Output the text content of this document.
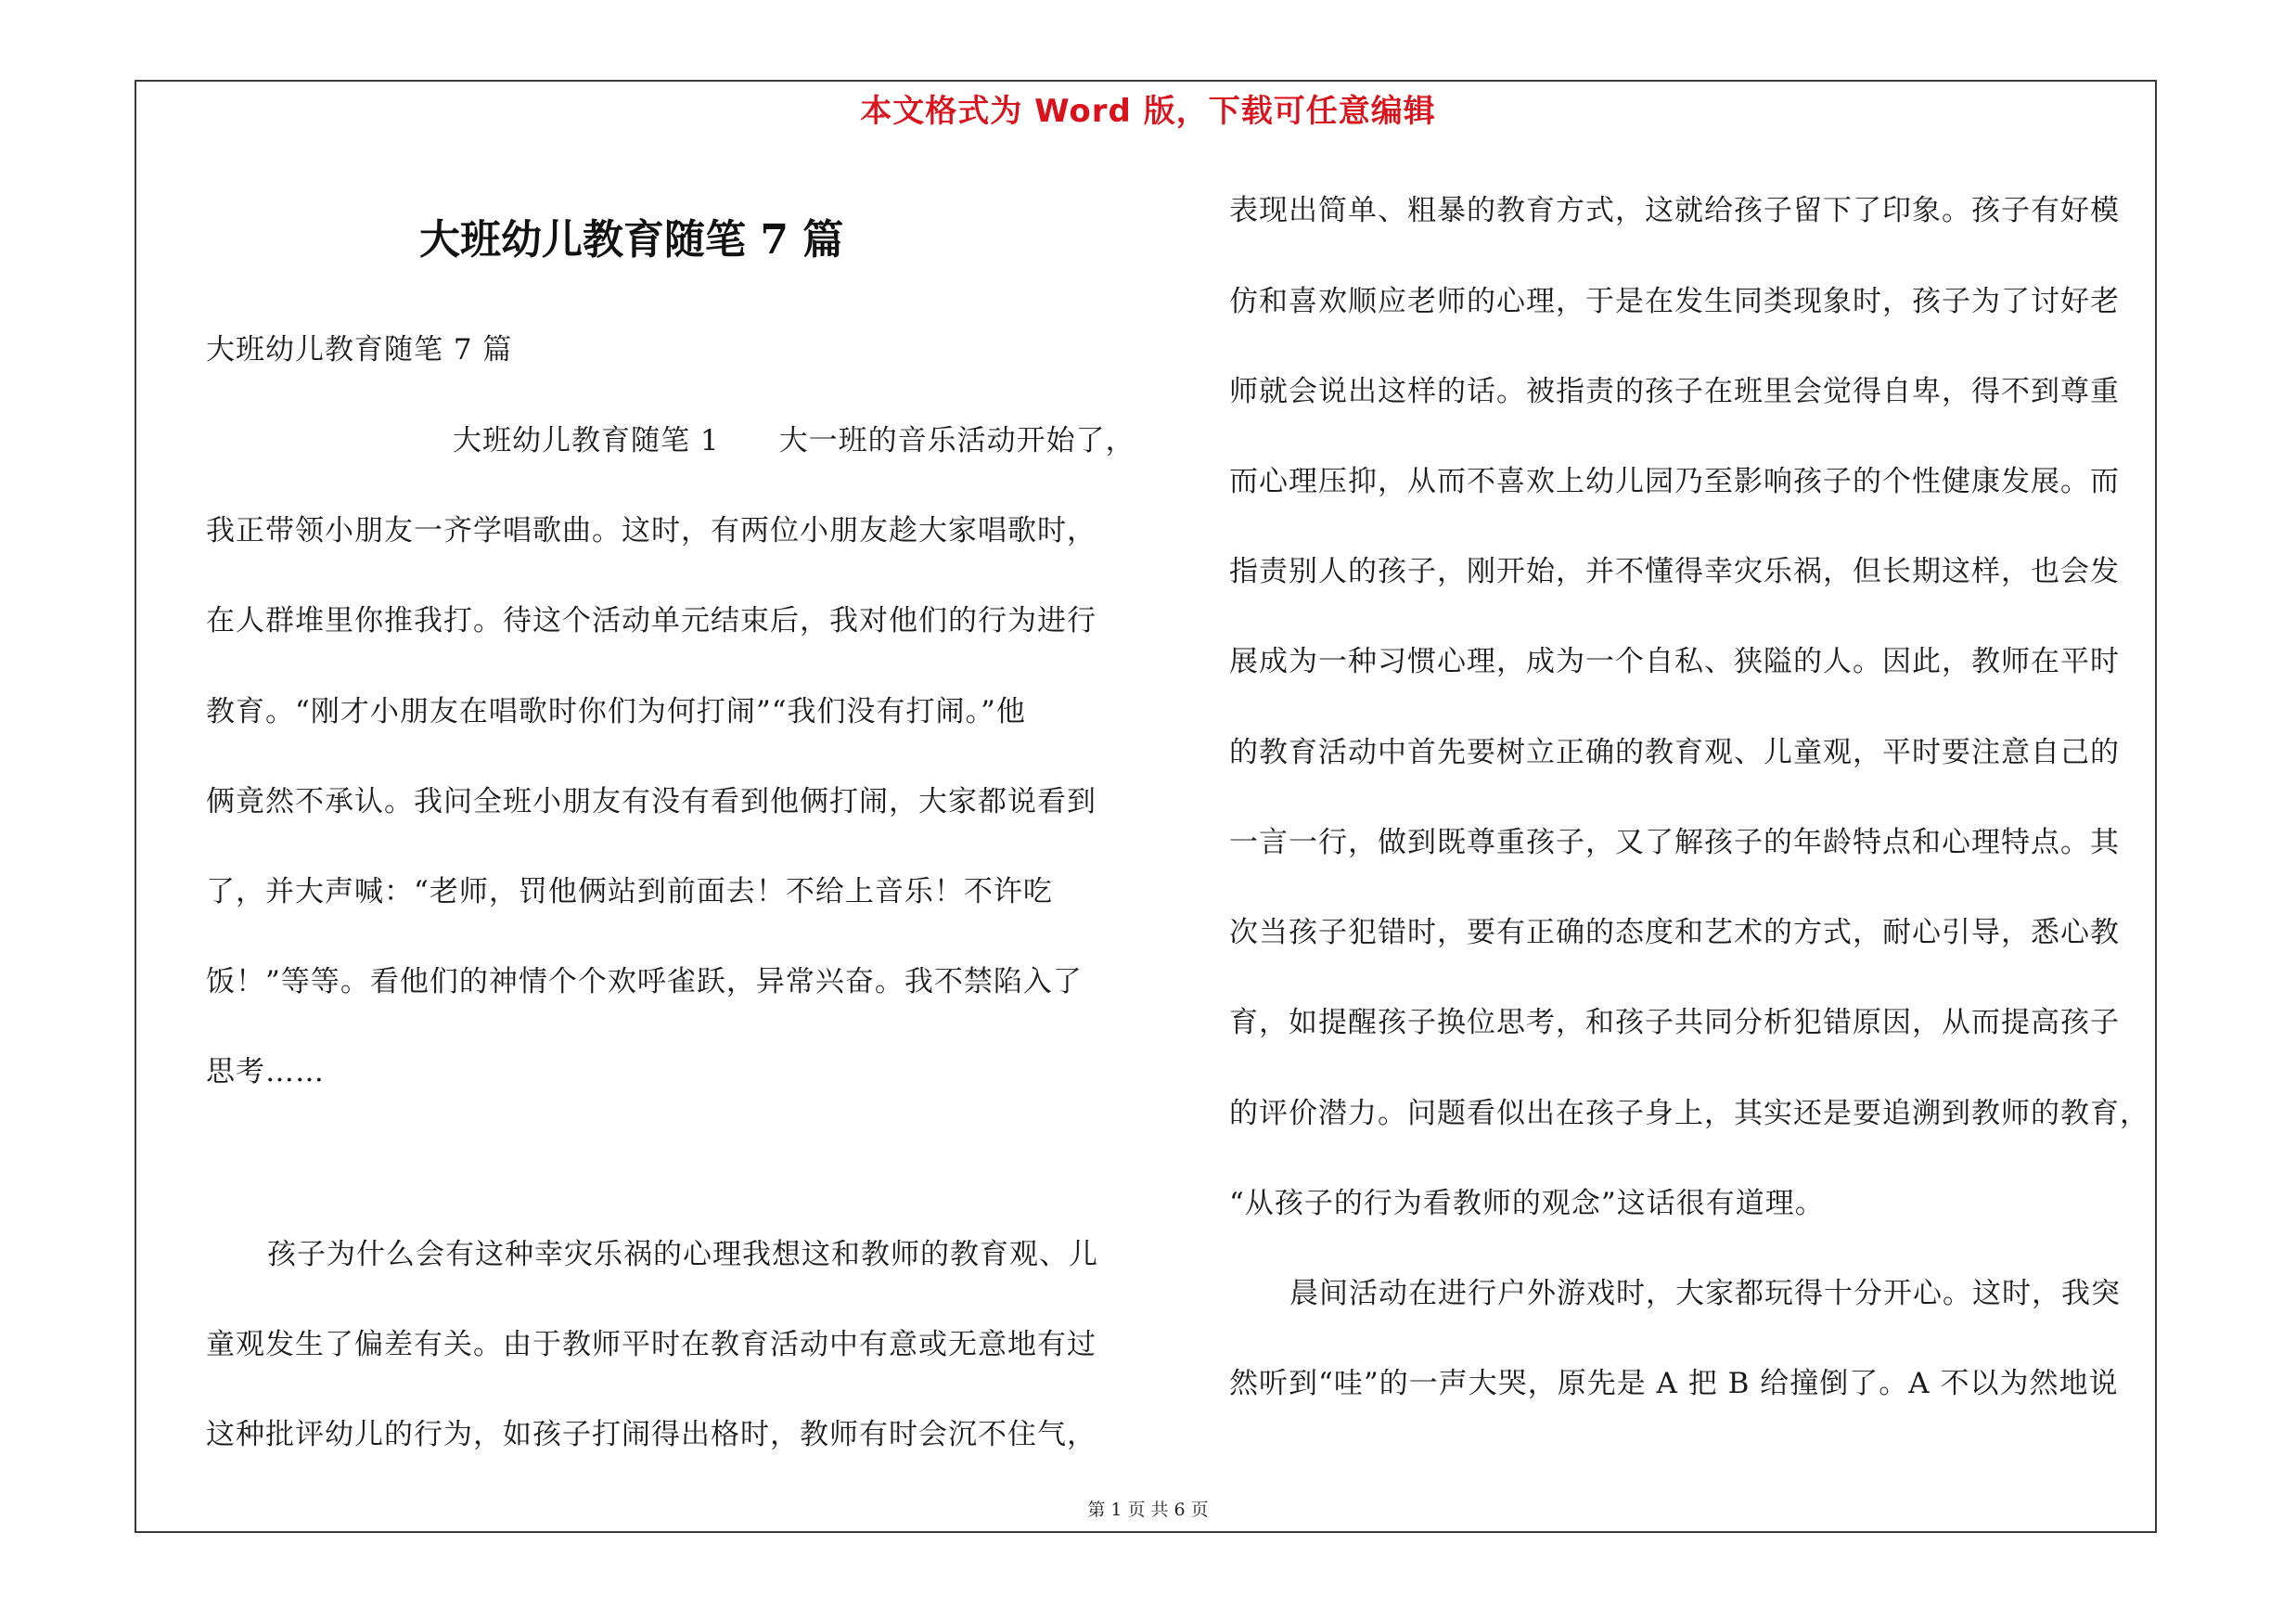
本文格式为 Word 版，下载可任意编辑
大班幼儿教育随笔 7 篇
大班幼儿教育随笔 7 篇
大班幼儿教育随笔 1　　大一班的音乐活动开始了，
我正带领小朋友一齐学唱歌曲。这时，有两位小朋友趁大家唱歌时，
在人群堆里你推我打。待这个活动单元结束后，我对他们的行为进行
教育。“刚才小朋友在唱歌时你们为何打闹”“我们没有打闹。”他
俩竟然不承认。我问全班小朋友有没有看到他俩打闹，大家都说看到
了，并大声喊：“老师，罚他俩站到前面去！不给上音乐！不许吃
饭！”等等。看他们的神情个个欢呼雀跃，异常兴奋。我不禁陷入了
思考……
孩子为什么会有这种幸灾乐祸的心理我想这和教师的教育观、儿
童观发生了偏差有关。由于教师平时在教育活动中有意或无意地有过
这种批评幼儿的行为，如孩子打闹得出格时，教师有时会沉不住气，
表现出简单、粗暴的教育方式，这就给孩子留下了印象。孩子有好模
仿和喜欢顺应老师的心理，于是在发生同类现象时，孩子为了讨好老
师就会说出这样的话。被指责的孩子在班里会觉得自卑，得不到尊重
而心理压抑，从而不喜欢上幼儿园乃至影响孩子的个性健康发展。而
指责别人的孩子，刚开始，并不懂得幸灾乐祸，但长期这样，也会发
展成为一种习惯心理，成为一个自私、狭隘的人。因此，教师在平时
的教育活动中首先要树立正确的教育观、儿童观，平时要注意自己的
一言一行，做到既尊重孩子，又了解孩子的年龄特点和心理特点。其
次当孩子犯错时，要有正确的态度和艺术的方式，耐心引导，悉心教
育，如提醒孩子换位思考，和孩子共同分析犯错原因，从而提高孩子
的评价潜力。问题看似出在孩子身上，其实还是要追溯到教师的教育，
“从孩子的行为看教师的观念”这话很有道理。
晨间活动在进行户外游戏时，大家都玩得十分开心。这时，我突
然听到“哇”的一声大哭，原先是 A 把 B 给撞倒了。A 不以为然地说
第 1 页 共 6 页
